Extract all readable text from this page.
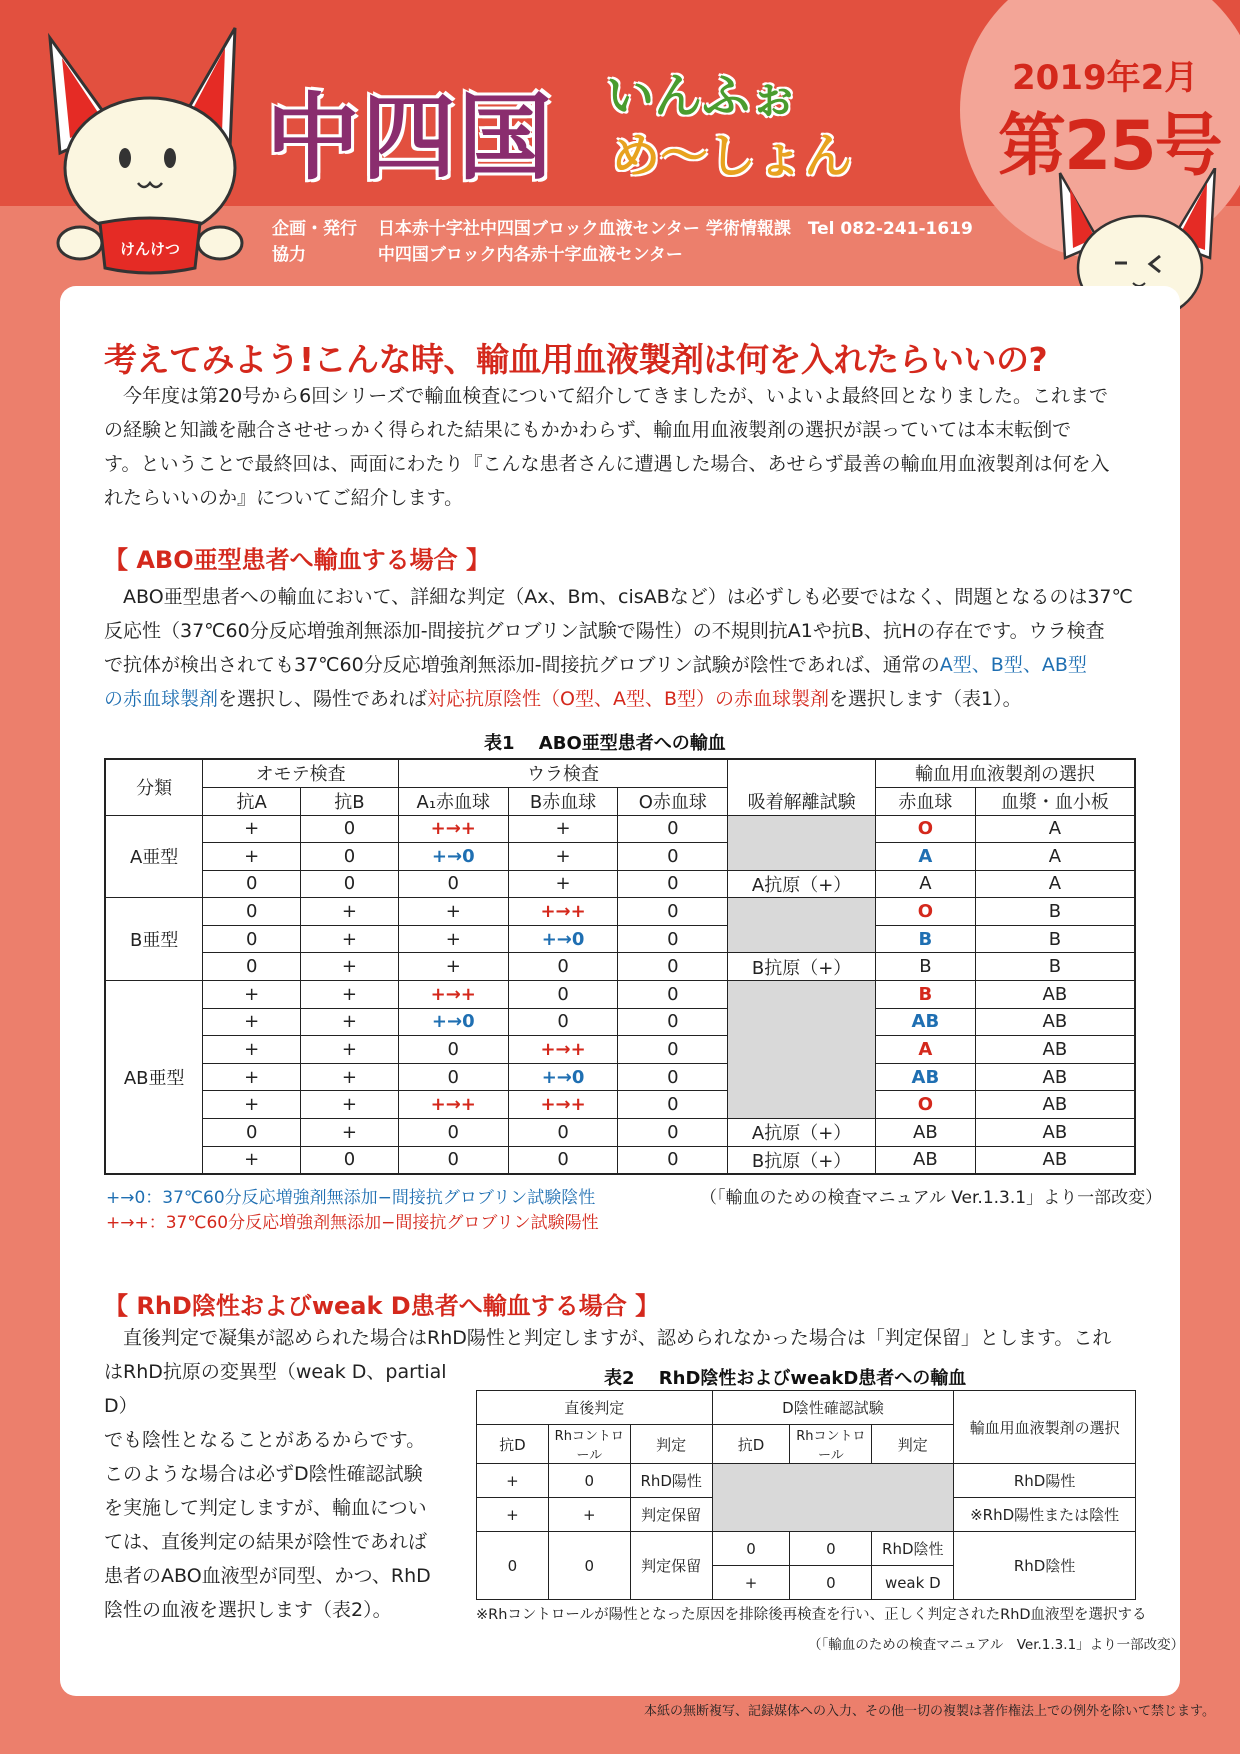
2019年2月
第25号
けんけつ
中四国 いんふぉ
め〜しょん
企画・発行 日本赤十字社中四国ブロック血液センター 学術情報課　Tel 082-241-1619
協力	中四国ブロック内各赤十字血液センター
考えてみよう!こんな時、輸血用血液製剤は何を入れたらいいの?
今年度は第20号から6回シリーズで輸血検査について紹介してきましたが、いよいよ最終回となりました。これまで
の経験と知識を融合させせっかく得られた結果にもかかわらず、輸血用血液製剤の選択が誤っていては本末転倒で
す。ということで最終回は、両面にわたり『こんな患者さんに遭遇した場合、あせらず最善の輸血用血液製剤は何を入
れたらいいのか』についてご紹介します。
【 ABO亜型患者へ輸血する場合 】
ABO亜型患者への輸血において、詳細な判定（Ax、Bm、cisABなど）は必ずしも必要ではなく、問題となるのは37℃
反応性（37℃60分反応増強剤無添加-間接抗グロブリン試験で陽性）の不規則抗A1や抗B、抗Hの存在です。ウラ検査
で抗体が検出されても37℃60分反応増強剤無添加-間接抗グロブリン試験が陰性であれば、通常のA型、B型、AB型
の赤血球製剤を選択し、陽性であれば対応抗原陰性（O型、A型、B型）の赤血球製剤を選択します（表1）。
表1　 ABO亜型患者への輸血
分類	オモテ検査		ウラ検査				輸血用血液製剤の選択	
	抗A	抗B	A₁赤血球	B赤血球	O赤血球	吸着解離試験	赤血球	血漿・血小板
A亜型	+	0	+→+	+	0		O	A
	+	0	+→0	+	0		A	A
	0	0	0	+	0	A抗原（+）	A	A
B亜型	0	+	+	+→+	0		O	B
	0	+	+	+→0	0		B	B
	0	+	+	0	0	B抗原（+）	B	B
AB亜型	+	+	+→+	0	0		B	AB
	+	+	+→0	0	0		AB	AB
	+	+	0	+→+	0		A	AB
	+	+	0	+→0	0		AB	AB
	+	+	+→+	+→+	0		O	AB
	0	+	0	0	0	A抗原（+）	AB	AB
	+	0	0	0	0	B抗原（+）	AB	AB
+→0：37℃60分反応増強剤無添加−間接抗グロブリン試験陰性
+→+：37℃60分反応増強剤無添加−間接抗グロブリン試験陽性
（「輸血のための検査マニュアル Ver.1.3.1」より一部改変）
【 RhD陰性およびweak D患者へ輸血する場合 】
直後判定で凝集が認められた場合はRhD陽性と判定しますが、認められなかった場合は「判定保留」とします。これ
はRhD抗原の変異型（weak D、partial D）
でも陰性となることがあるからです。
このような場合は必ずD陰性確認試験
を実施して判定しますが、輸血につい
ては、直後判定の結果が陰性であれば
患者のABO血液型が同型、かつ、RhD
陰性の血液を選択します（表2）。
表2　 RhD陰性およびweakD患者への輸血
直後判定			D陰性確認試験			輸血用血液製剤の選択
抗D	Rhコントロール	判定	抗D	Rhコントロール	判定	
+	0	RhD陽性				RhD陽性
+	+	判定保留				※RhD陽性または陰性
0	0	判定保留	0	0	RhD陰性	RhD陰性
			+	0	weak D	
※Rhコントロールが陽性となった原因を排除後再検査を行い、正しく判定されたRhD血液型を選択する
（「輸血のための検査マニュアル　Ver.1.3.1」より一部改変）
本紙の無断複写、記録媒体への入力、その他一切の複製は著作権法上での例外を除いて禁じます。
